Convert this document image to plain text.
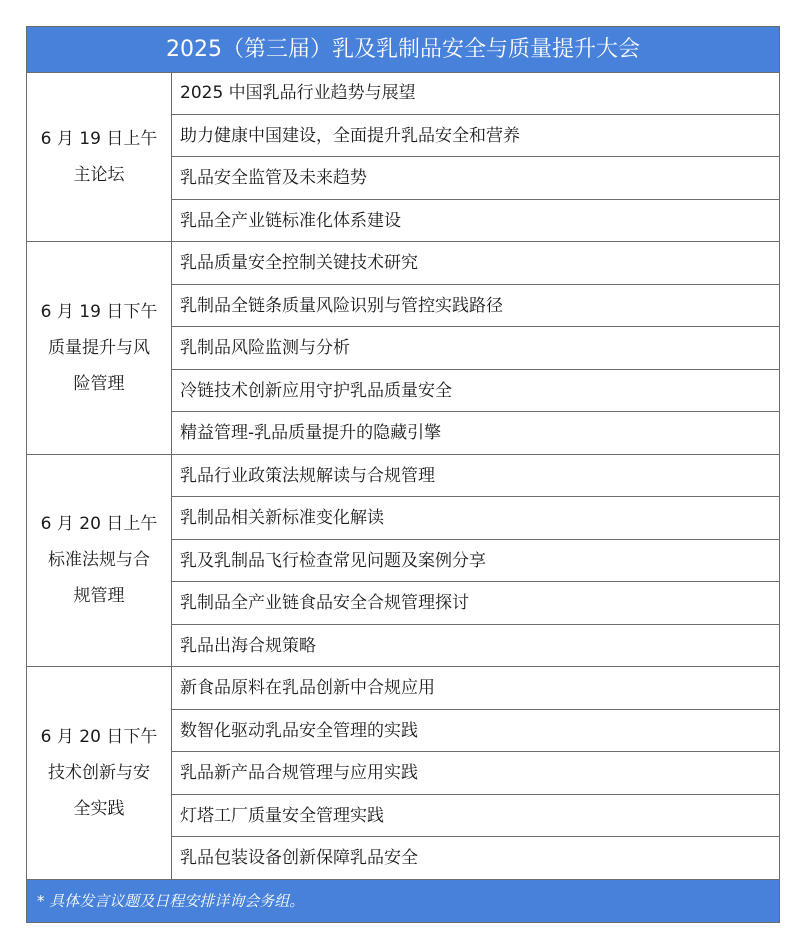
2025（第三届）乳及乳制品安全与质量提升大会
6 月 19 日上午主论坛
2025 中国乳品行业趋势与展望
助力健康中国建设，全面提升乳品安全和营养
乳品安全监管及未来趋势
乳品全产业链标准化体系建设
6 月 19 日下午质量提升与风险管理
乳品质量安全控制关键技术研究
乳制品全链条质量风险识别与管控实践路径
乳制品风险监测与分析
冷链技术创新应用守护乳品质量安全
精益管理-乳品质量提升的隐藏引擎
6 月 20 日上午标准法规与合规管理
乳品行业政策法规解读与合规管理
乳制品相关新标准变化解读
乳及乳制品飞行检查常见问题及案例分享
乳制品全产业链食品安全合规管理探讨
乳品出海合规策略
6 月 20 日下午技术创新与安全实践
新食品原料在乳品创新中合规应用
数智化驱动乳品安全管理的实践
乳品新产品合规管理与应用实践
灯塔工厂质量安全管理实践
乳品包装设备创新保障乳品安全
* 具体发言议题及日程安排详询会务组。
